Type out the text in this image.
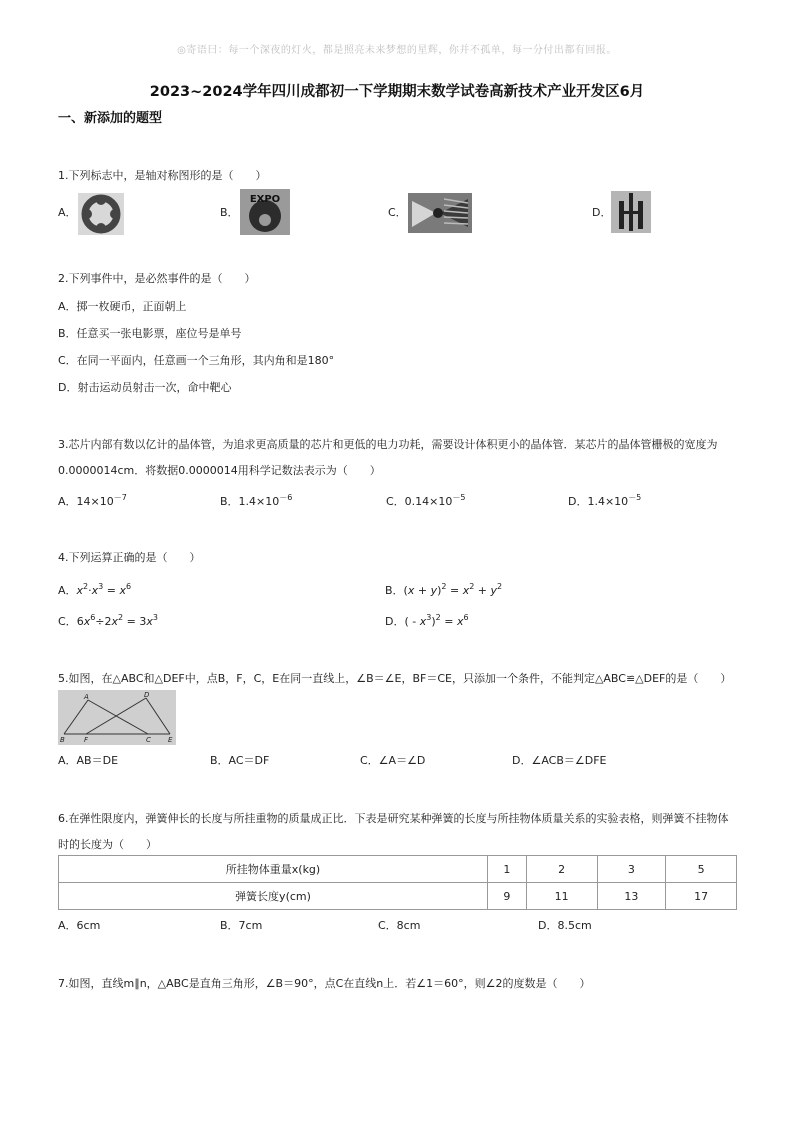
◎寄语曰：每一个深夜的灯火，都是照亮未来梦想的星辉，你并不孤单，每一分付出都有回报。
2023~2024学年四川成都初一下学期期末数学试卷高新技术产业开发区6月
一、新添加的题型
1.下列标志中，是轴对称图形的是（　　）
A．	B．
EXPO
C．	D．
2.下列事件中，是必然事件的是（　　）
A．掷一枚硬币，正面朝上
B．任意买一张电影票，座位号是单号
C．在同一平面内，任意画一个三角形，其内角和是180°
D．射击运动员射击一次，命中靶心
3.芯片内部有数以亿计的晶体管，为追求更高质量的芯片和更低的电力功耗，需要设计体积更小的晶体管．某芯片的晶体管栅极的宽度为
0.0000014cm．将数据0.0000014用科学记数法表示为（　　）
A．$14\times 10^{-7}$	B．$1.4\times 10^{-6}$	C．$0.14\times 10^{-5}$	D．$1.4\times 10^{-5}$
4.下列运算正确的是（　　）
A．$x^2\cdot x^3 = x^6$	B．$(x + y)^2 = x^2 + y^2$
C．$6x^6\div 2x^2 = 3x^3$	D．( - $x^3)^2 = x^6$
5.如图，在△ABC和△DEF中，点B，F，C，E在同一直线上，∠B＝∠E，BF＝CE，只添加一个条件，不能判定△ABC≌△DEF的是（　　）
A	D
B	F	C E
A．AB＝DE	B．AC＝DF	C．∠A＝∠D	D．∠ACB＝∠DFE
6.在弹性限度内，弹簧伸长的长度与所挂重物的质量成正比．下表是研究某种弹簧的长度与所挂物体质量关系的实验表格，则弹簧不挂物体
时的长度为（　　）
所挂物体重量x(kg)	1	2	3	5
弹簧长度y(cm)	9	11	13	17
A．6cm	B．7cm	C．8cm	D．8.5cm
7.如图，直线m∥n，△ABC是直角三角形，∠B＝90°，点C在直线n上．若∠1＝60°，则∠2的度数是（　　）
